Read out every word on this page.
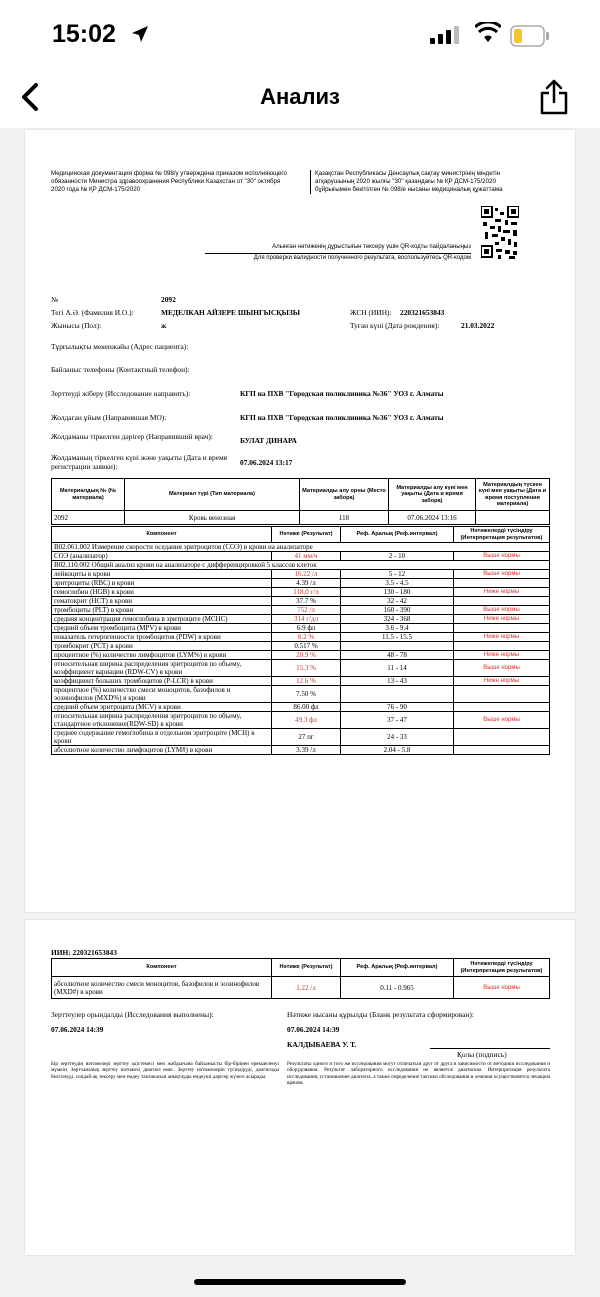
15:02
Анализ
Медицинская документация форма № 098/у утверждена приказом исполняющего обязанности Министра здравоохранения Республики Казахстан от "30" октября 2020 года № ҚР ДСМ-175/2020
Қазақстан Республикасы Денсаулық сақтау министрінің міндетін атқарушының 2020 жылғы "30" қазандағы № ҚР ДСМ-175/2020 бұйрығымен бекітілген № 098/е нысаны медициналық құжаттама
Алынған нәтиженің дұрыстығын тексеру үшін QR-кодты пайдаланыңыз
Для проверки валидности полученного результата, воспользуйтесь QR-кодом
№	2092
Тегі А.Ә. (Фамилия И.О.):	МЕДЕЛКАН АЙЗЕРЕ ШЫНГЫСҚЫЗЫ	ЖСН (ИИН): 220321653843
Жынысы (Пол):	ж	Туған күні (Дата рождения):	21.03.2022
Тұрғылықты мекенжайы (Адрес пациента):
Байланыс телефоны (Контактный телефон):
Зерттеуді жіберу (Исследование направить):	КГП на ПХВ "Городская поликлиника №36" УОЗ г. Алматы
Жолдаған ұйым (Направившая МО):	КГП на ПХВ "Городская поликлиника №36" УОЗ г. Алматы
Жолдаманы тіркелген дәрігер (Направивший врач):	БУЛАТ ДИНАРА
Жолдаманың тіркелген күні және уақыты (Дата и время регистрации заявки):	07.06.2024 13:17
Материалдың № (№ материала)	Материал түрі (Тип материала)	Материалды алу орны (Место забора)	Материалды алу күні мен уақыты (Дата и время забора)	Материалдың түскен күні мен уақыты (Дата и время поступления материала)
2092	Кровь венозная	118	07.06.2024 13:16	
Компонент	Нәтиже (Результат)	Реф. Аралық (Реф.интервал)	Нәтижелерді түсіндіру (Интерпретация результатов)
B02.061.002 Измерение скорости оседания эритроцитов (СОЭ) в крови на анализаторе			
СОЭ (анализатор)	41 мм/ч	2 - 10	Выше нормы
B02.110.002 Общий анализ крови на анализаторе с дифференцировкой 5 классов клеток			
лейкоциты в крови	16.22 /л	5 - 12	Выше нормы
эритроциты (RBC) в крови	4.39 /л	3.5 - 4.5	
гемоглобин (HGB) в крови	118.0 г/л	130 - 180	Ниже нормы
гематокрит (HCT) в крови	37.7 %	32 - 42	
тромбоциты (PLT) в крови	752 /л	160 - 390	Выше нормы
средняя концентрация гемоглобина в эритроците (MCHC)	314 г/дл	324 - 368	Ниже нормы
средний объем тромбоцита (MPV) в крови	6.9 фл	3.6 - 9.4	
показатель гетерогенности тромбоцитов (PDW) в крови	8.2 %	11.5 - 15.5	Ниже нормы
тромбокрит (PCT) в крови	0.517 %		
процентное (%) количество лимфоцитов (LYM%) в крови	20.9 %	48 - 78	Ниже нормы
относительная ширина распределения эритроцитов по объему, коэффициент вариации (RDW-CV) в крови	15.3 %	11 - 14	Выше нормы
коэффициент больших тромбоцитов (P-LCR) в крови	12.6 %	13 - 43	Ниже нормы
процентное (%) количество смеси моноцитов, базофилов и эозинофилов (MXD%) в крови	7.50 %		
средний объем эритроцита (MCV) в крови	86.00 фл	76 - 90	
относительная ширина распределения эритроцитов по объему, стандартное отклонение(RDW-SD) в крови	49.3 фл	37 - 47	Выше нормы
среднее содержание гемоглобина в отдельном эритроците (MCH) в крови	27 пг	24 - 33	
абсолютное количество лимфоцитов (LYM#) в крови	3.39 /л	2.04 - 5.8	
ИИН: 220321653843
Компонент	Нәтиже (Результат)	Реф. Аралық (Реф.интервал)	Нәтижелерді түсіндіру (Интерпретация результатов)
абсолютное количество смеси моноцитов, базофилов и эозинофилов (MXD#) в крови	1.22 /л	0.11 - 0.965	Выше нормы
Зерттеулер орындалды (Исследования выполнены):
07.06.2024 14:39
Нәтиже нысаны құрылды (Бланк результата сформирован):
07.06.2024 14:39
КАЛДЫБАЕВА У. Т.
Қолы (подпись)
Бір зерттеудің нәтижелері зерттеу әдістемесі мен жабдығына байланысты бір-бірінен ерекшеленуі мүмкін. Зертханалық зерттеу нәтижесі диагноз емес. Зерттеу нәтижелерін түсіндіруді, диагнозды белгілеуді, сондай-ақ тексеру мен емдеу тактикасын анықтауды емдеуші дәрігер жүзеге асырады.
Результаты одного и того же исследования могут отличаться друг от друга в зависимости от методики исследования и оборудования. Результат лабораторного исследования не является диагнозом. Интерпретация результата исследования, установление диагноза, а также определение тактики обследования и лечения осуществляется лечащим врачом.
